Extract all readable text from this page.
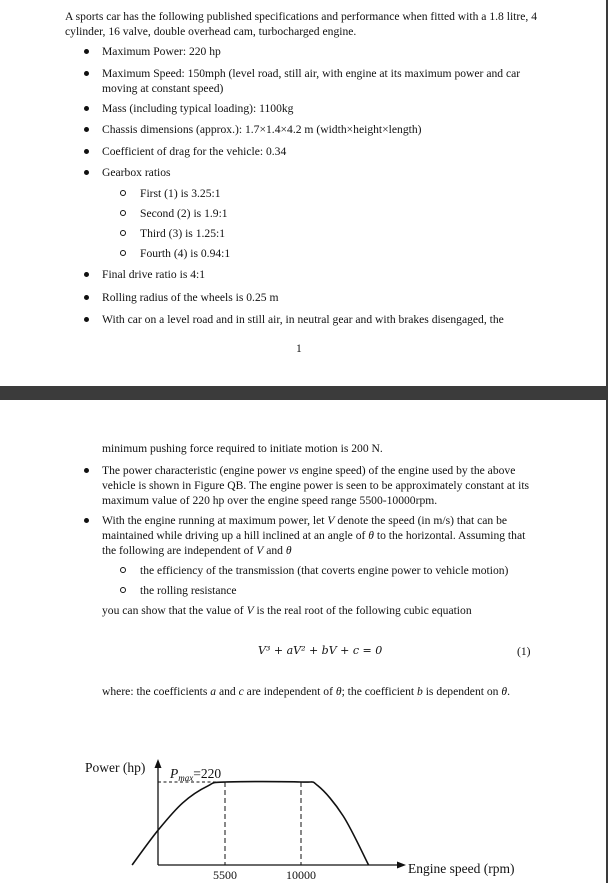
A sports car has the following published specifications and performance when fitted with a 1.8 litre, 4 cylinder, 16 valve, double overhead cam, turbocharged engine.
Maximum Power: 220 hp
Maximum Speed: 150mph (level road, still air, with engine at its maximum power and car moving at constant speed)
Mass (including typical loading): 1100kg
Chassis dimensions (approx.): 1.7×1.4×4.2 m (width×height×length)
Coefficient of drag for the vehicle: 0.34
Gearbox ratios
First (1) is 3.25:1
Second (2) is 1.9:1
Third (3) is 1.25:1
Fourth (4) is 0.94:1
Final drive ratio is 4:1
Rolling radius of the wheels is 0.25 m
With car on a level road and in still air, in neutral gear and with brakes disengaged, the
1
minimum pushing force required to initiate motion is 200 N.
The power characteristic (engine power vs engine speed) of the engine used by the above vehicle is shown in Figure QB. The engine power is seen to be approximately constant at its maximum value of 220 hp over the engine speed range 5500-10000rpm.
With the engine running at maximum power, let V denote the speed (in m/s) that can be maintained while driving up a hill inclined at an angle of θ to the horizontal. Assuming that the following are independent of V and θ
the efficiency of the transmission (that coverts engine power to vehicle motion)
the rolling resistance
you can show that the value of V is the real root of the following cubic equation
V³ + aV² + bV + c = 0	(1)
where: the coefficients a and c are independent of θ; the coefficient b is dependent on θ.
Power (hp) $P_{max}=220$
Engine speed (rpm)
5500	10000
